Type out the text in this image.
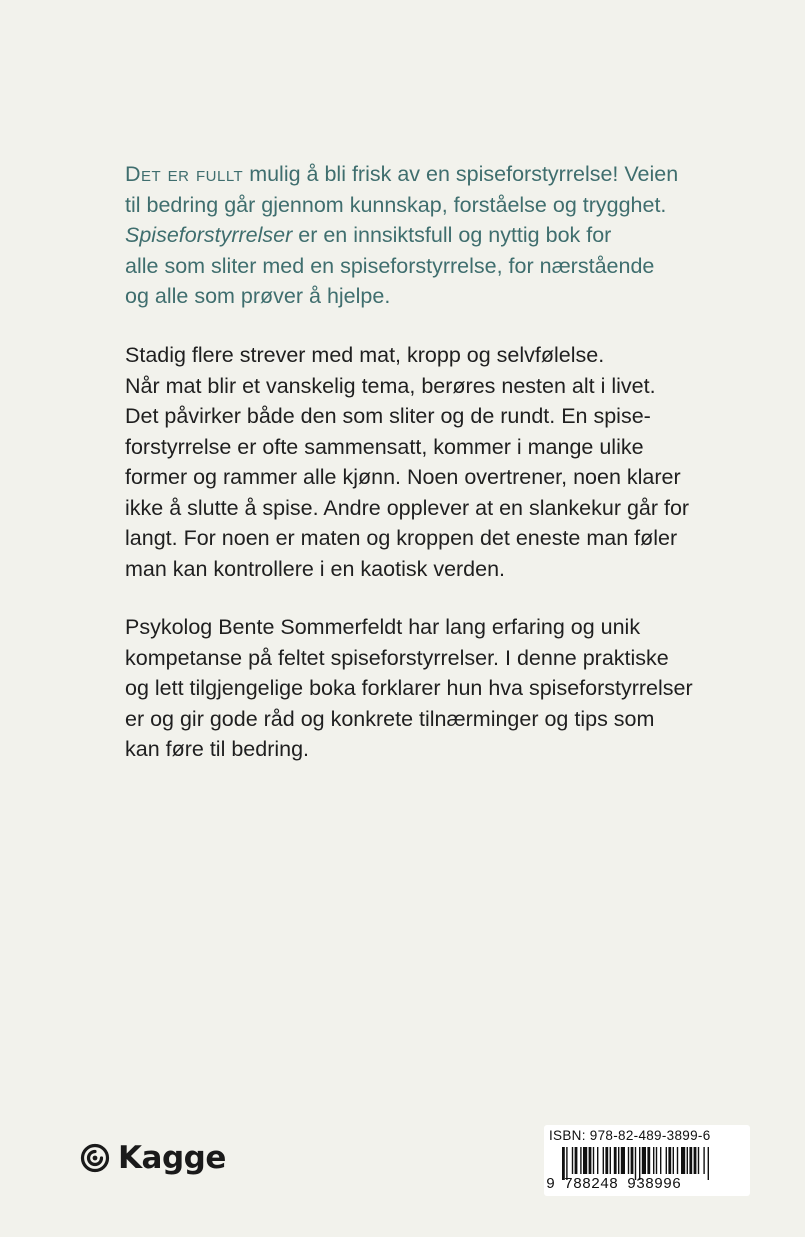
Det er fullt mulig å bli frisk av en spiseforstyrrelse! Veien
til bedring går gjennom kunnskap, forståelse og trygghet.
Spiseforstyrrelser er en innsiktsfull og nyttig bok for
alle som sliter med en spiseforstyrrelse, for nærstående
og alle som prøver å hjelpe.
Stadig flere strever med mat, kropp og selvfølelse.
Når mat blir et vanskelig tema, berøres nesten alt i livet.
Det påvirker både den som sliter og de rundt. En spise-
forstyrrelse er ofte sammensatt, kommer i mange ulike
former og rammer alle kjønn. Noen overtrener, noen klarer
ikke å slutte å spise. Andre opplever at en slankekur går for
langt. For noen er maten og kroppen det eneste man føler
man kan kontrollere i en kaotisk verden.
Psykolog Bente Sommerfeldt har lang erfaring og unik
kompetanse på feltet spiseforstyrrelser. I denne praktiske
og lett tilgjengelige boka forklarer hun hva spiseforstyrrelser
er og gir gode råd og konkrete tilnærminger og tips som
kan føre til bedring.
Kagge
ISBN: 978-82-489-3899-6
9 788248 938996
